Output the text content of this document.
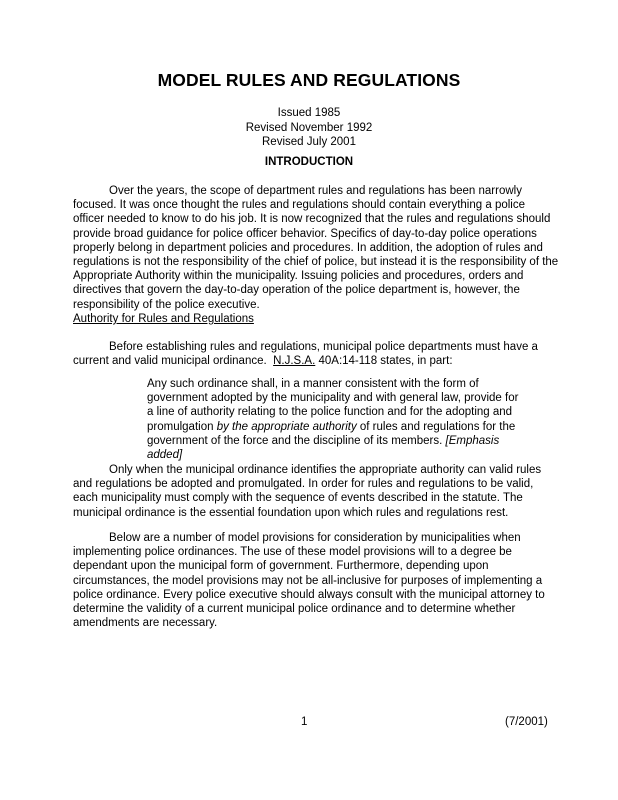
MODEL RULES AND REGULATIONS
Issued 1985
Revised November 1992
Revised July 2001
INTRODUCTION

Over the years, the scope of department rules and regulations has been narrowly
focused. It was once thought the rules and regulations should contain everything a police
officer needed to know to do his job. It is now recognized that the rules and regulations should
provide broad guidance for police officer behavior. Specifics of day-to-day police operations
properly belong in department policies and procedures. In addition, the adoption of rules and
regulations is not the responsibility of the chief of police, but instead it is the responsibility of the
Appropriate Authority within the municipality. Issuing policies and procedures, orders and
directives that govern the day-to-day operation of the police department is, however, the
responsibility of the police executive.

Authority for Rules and Regulations

Before establishing rules and regulations, municipal police departments must have a
current and valid municipal ordinance.  N.J.S.A. 40A:14-118 states, in part:

Any such ordinance shall, in a manner consistent with the form of
government adopted by the municipality and with general law, provide for
a line of authority relating to the police function and for the adopting and
promulgation by the appropriate authority of rules and regulations for the
government of the force and the discipline of its members. [Emphasis
added]

Only when the municipal ordinance identifies the appropriate authority can valid rules
and regulations be adopted and promulgated. In order for rules and regulations to be valid,
each municipality must comply with the sequence of events described in the statute. The
municipal ordinance is the essential foundation upon which rules and regulations rest.

Below are a number of model provisions for consideration by municipalities when
implementing police ordinances. The use of these model provisions will to a degree be
dependant upon the municipal form of government. Furthermore, depending upon
circumstances, the model provisions may not be all-inclusive for purposes of implementing a
police ordinance. Every police executive should always consult with the municipal attorney to
determine the validity of a current municipal police ordinance and to determine whether
amendments are necessary.

1	(7/2001)
